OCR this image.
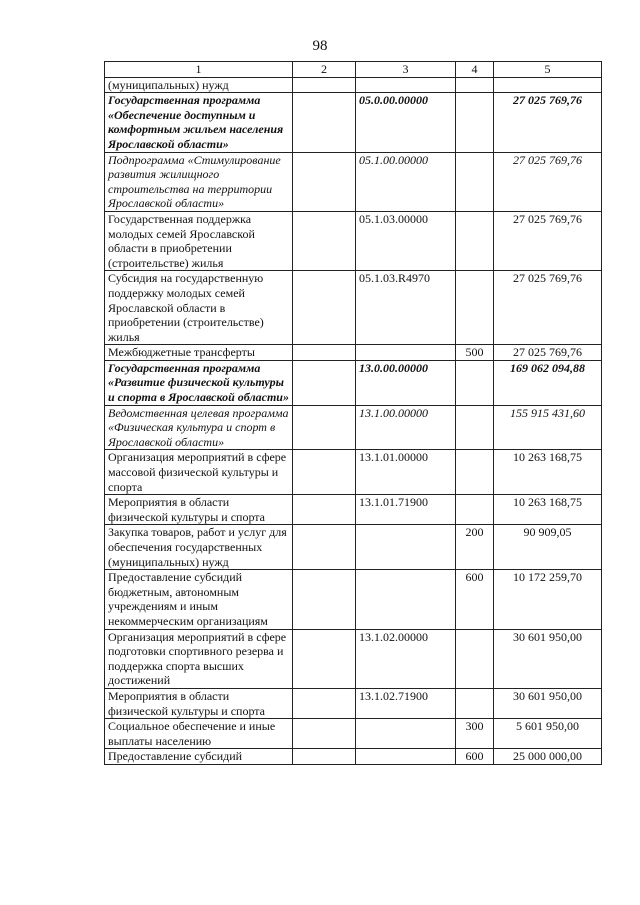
98
1	2	3	4	5
(муниципальных) нужд				
Государственная программа «Обеспечение доступным и комфортным жильем населения Ярославской области»		05.0.00.00000		27 025 769,76
Подпрограмма «Стимулирование развития жилищного строительства на территории Ярославской области»		05.1.00.00000		27 025 769,76
Государственная поддержка молодых семей Ярославской области в приобретении (строительстве) жилья		05.1.03.00000		27 025 769,76
Субсидия на государственную поддержку молодых семей Ярославской области в приобретении (строительстве) жилья		05.1.03.R4970		27 025 769,76
Межбюджетные трансферты			500	27 025 769,76
Государственная программа «Развитие физической культуры и спорта в Ярославской области»		13.0.00.00000		169 062 094,88
Ведомственная целевая программа «Физическая культура и спорт в Ярославской области»		13.1.00.00000		155 915 431,60
Организация мероприятий в сфере массовой физической культуры и спорта		13.1.01.00000		10 263 168,75
Мероприятия в области физической культуры и спорта		13.1.01.71900		10 263 168,75
Закупка товаров, работ и услуг для обеспечения государственных (муниципальных) нужд			200	90 909,05
Предоставление субсидий бюджетным, автономным учреждениям и иным некоммерческим организациям			600	10 172 259,70
Организация мероприятий в сфере подготовки спортивного резерва и поддержка спорта высших достижений		13.1.02.00000		30 601 950,00
Мероприятия в области физической культуры и спорта		13.1.02.71900		30 601 950,00
Социальное обеспечение и иные выплаты населению			300	5 601 950,00
Предоставление субсидий			600	25 000 000,00
